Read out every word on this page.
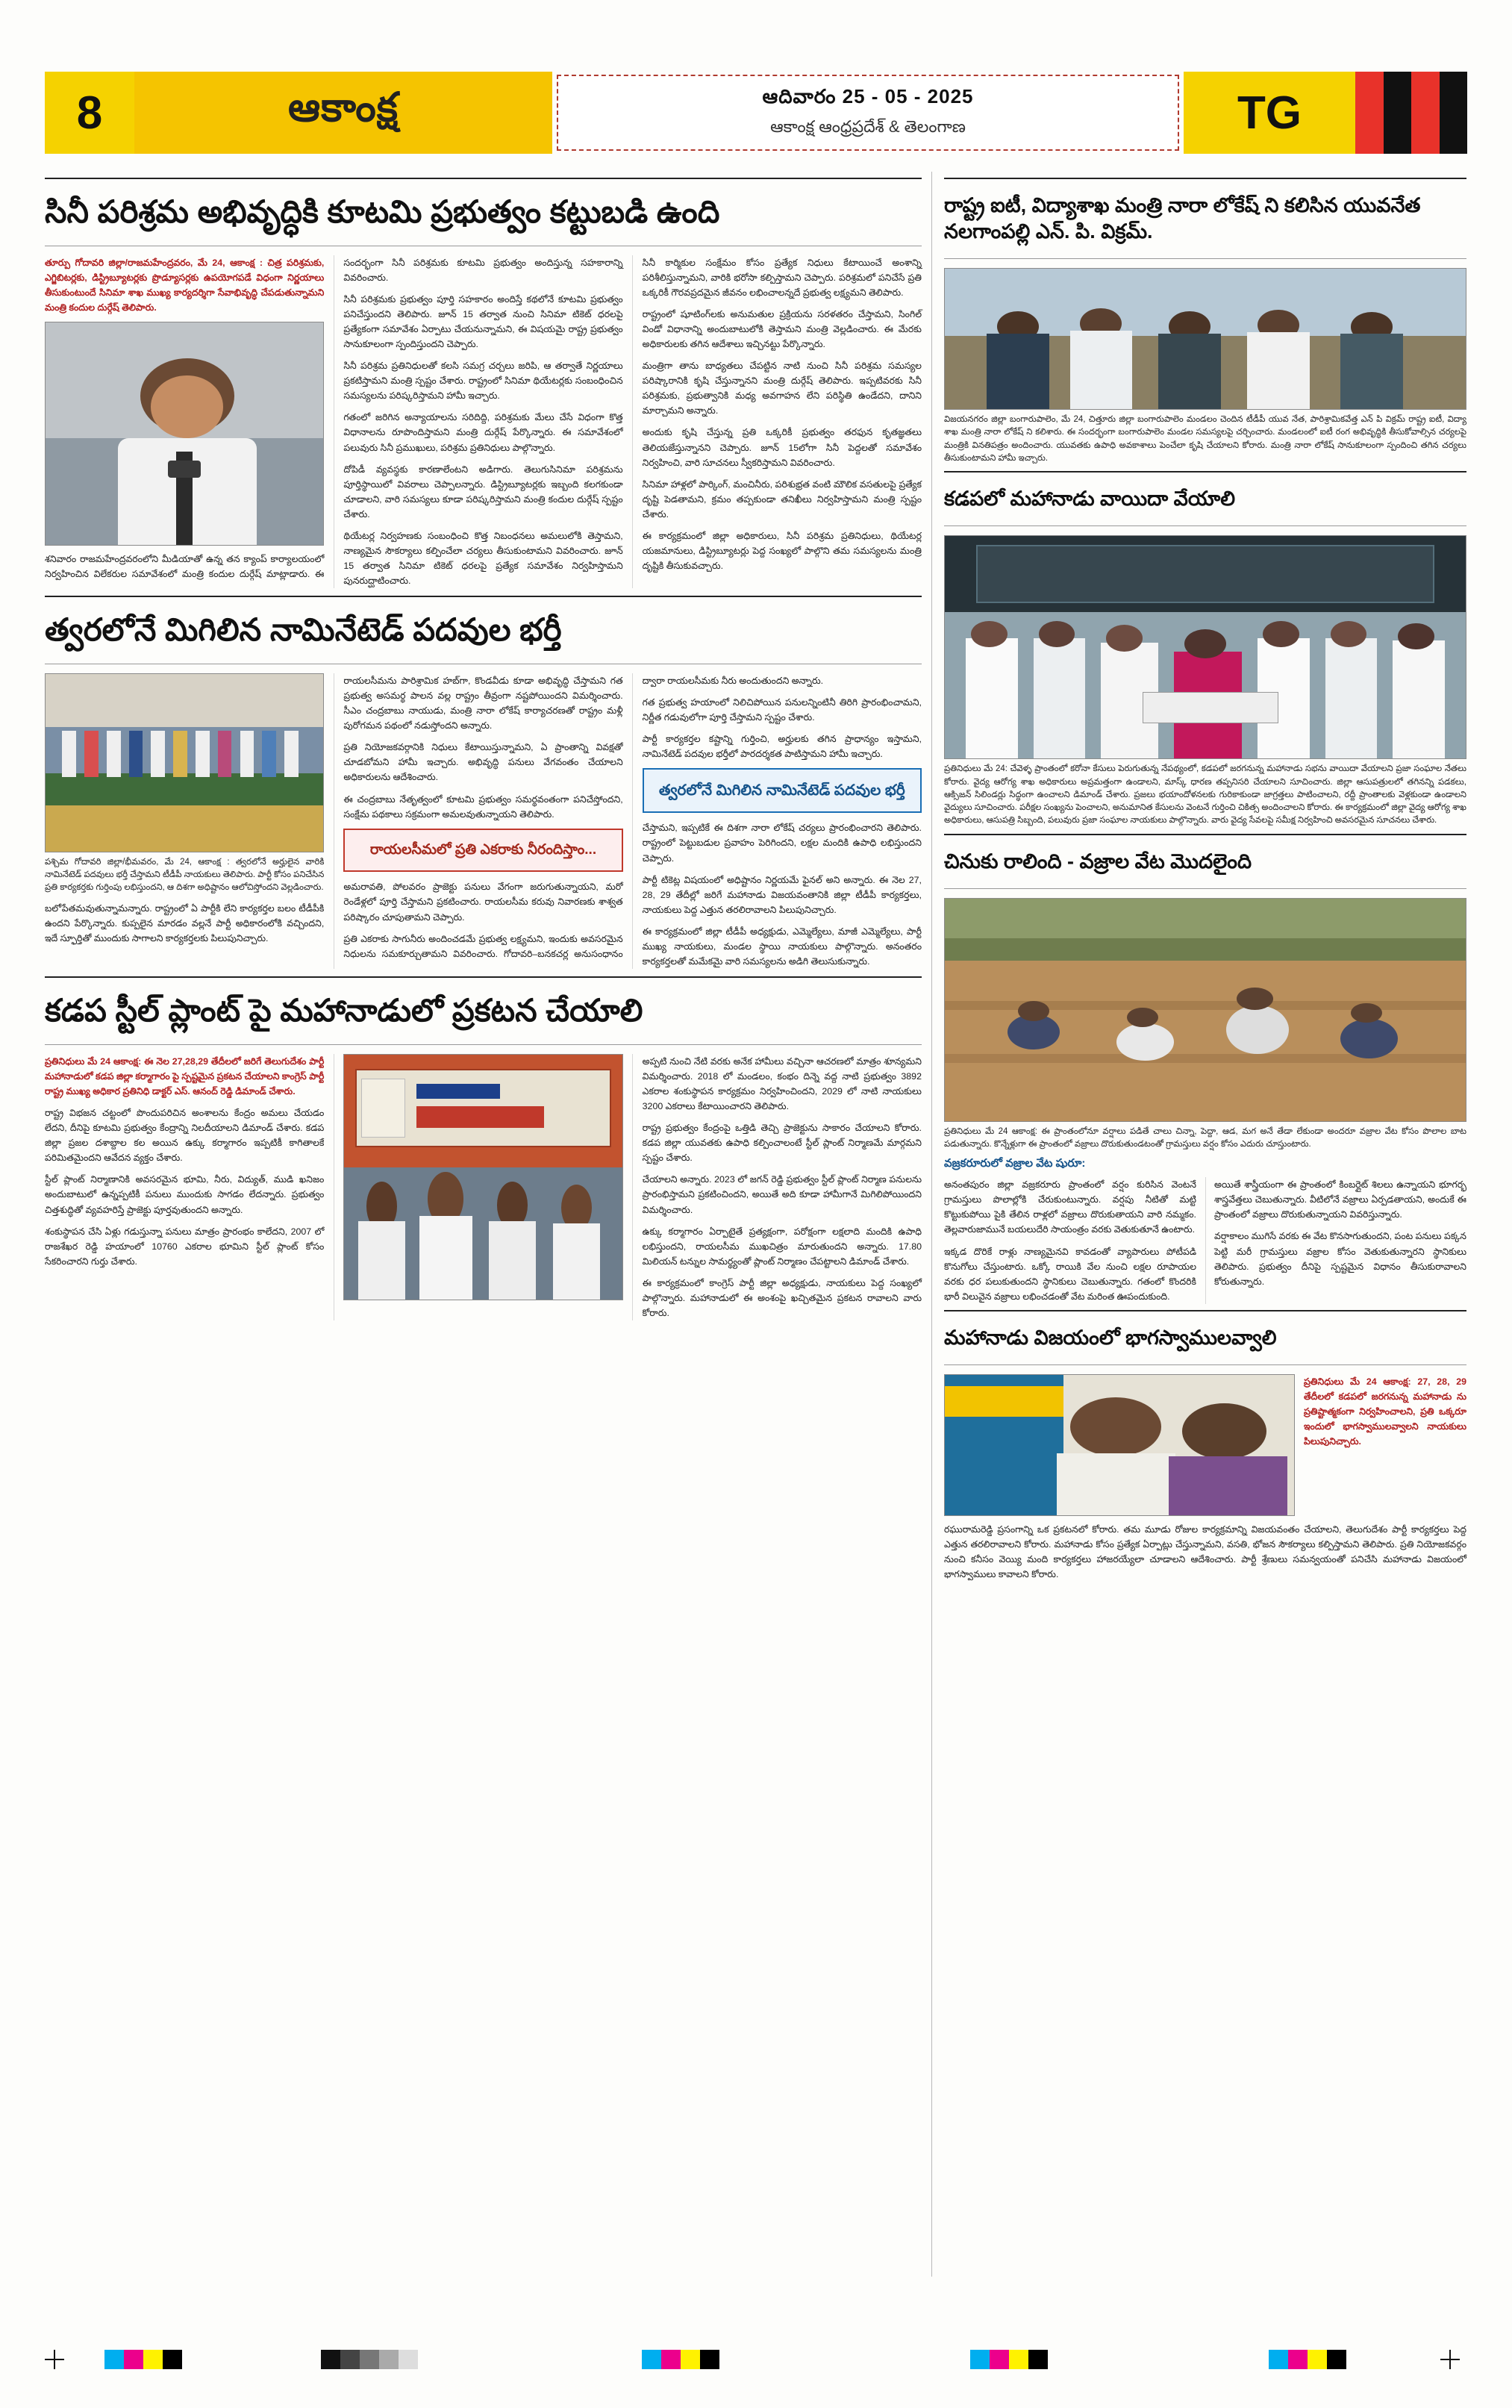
8	ఆకాంక్ష	ఆదివారం 25 - 05 - 2025
ఆకాంక్ష ఆంధ్రప్రదేశ్ & తెలంగాణ	TG
సినీ పరిశ్రమ అభివృద్ధికి కూటమి ప్రభుత్వం కట్టుబడి ఉంది

తూర్పు గోదావరి జిల్లా/రాజమహేంద్రవరం, మే 24, ఆకాంక్ష : చిత్ర పరిశ్రమకు, ఎగ్జిబిటర్లకు, డిస్ట్రిబ్యూటర్లకు ప్రొడ్యూసర్లకు ఉపయోగపడే విధంగా నిర్ణయాలు తీసుకుంటుందే సినిమా శాఖ ముఖ్య కార్యదర్శిగా సేవాభివృద్ధి చేపడుతున్నామని మంత్రి కందుల దుర్గేష్ తెలిపారు.

శనివారం రాజమహేంద్రవరంలోని మీడియాతో ఉన్న తన క్యాంప్ కార్యాలయంలో నిర్వహించిన విలేకరుల సమావేశంలో మంత్రి కందుల దుర్గేష్ మాట్లాడారు. ఈ సందర్భంగా సినీ పరిశ్రమకు కూటమి ప్రభుత్వం అందిస్తున్న సహకారాన్ని వివరించారు.

సినీ పరిశ్రమకు ప్రభుత్వం పూర్తి సహకారం అందిస్తే కథలోనే కూటమి ప్రభుత్వం పనిచేస్తుందని తెలిపారు. జూన్ 15 తర్వాత నుంచి సినిమా టికెట్ ధరలపై ప్రత్యేకంగా సమావేశం ఏర్పాటు చేయనున్నామని, ఈ విషయమై రాష్ట్ర ప్రభుత్వం సానుకూలంగా స్పందిస్తుందని చెప్పారు.

సినీ పరిశ్రమ ప్రతినిధులతో కలసి సమగ్ర చర్చలు జరిపి, ఆ తర్వాతే నిర్ణయాలు ప్రకటిస్తామని మంత్రి స్పష్టం చేశారు. రాష్ట్రంలో సినిమా థియేటర్లకు సంబంధించిన సమస్యలను పరిష్కరిస్తామని హామీ ఇచ్చారు.

గతంలో జరిగిన అన్యాయాలను సరిదిద్ది, పరిశ్రమకు మేలు చేసే విధంగా కొత్త విధానాలను రూపొందిస్తామని మంత్రి దుర్గేష్ పేర్కొన్నారు. ఈ సమావేశంలో పలువురు సినీ ప్రముఖులు, పరిశ్రమ ప్రతినిధులు పాల్గొన్నారు.

దోపిడీ వ్యవస్థకు కారణాలేంటని అడిగారు. తెలుగుసినిమా పరిశ్రమను పూర్తిస్థాయిలో వివరాలు చెప్పాలన్నారు. డిస్ట్రిబ్యూటర్లకు ఇబ్బంది కలగకుండా చూడాలని, వారి సమస్యలు కూడా పరిష్కరిస్తామని మంత్రి కందుల దుర్గేష్ స్పష్టం చేశారు.

థియేటర్ల నిర్వహణకు సంబంధించి కొత్త నిబంధనలు అమలులోకి తెస్తామని, నాణ్యమైన సౌకర్యాలు కల్పించేలా చర్యలు తీసుకుంటామని వివరించారు. జూన్ 15 తర్వాత సినిమా టికెట్ ధరలపై ప్రత్యేక సమావేశం నిర్వహిస్తామని పునరుద్ఘాటించారు.

సినీ కార్మికుల సంక్షేమం కోసం ప్రత్యేక నిధులు కేటాయించే అంశాన్ని పరిశీలిస్తున్నామని, వారికి భరోసా కల్పిస్తామని చెప్పారు. పరిశ్రమలో పనిచేసే ప్రతి ఒక్కరికీ గౌరవప్రదమైన జీవనం లభించాలన్నదే ప్రభుత్వ లక్ష్యమని తెలిపారు.

రాష్ట్రంలో షూటింగ్‌లకు అనుమతుల ప్రక్రియను సరళతరం చేస్తామని, సింగిల్ విండో విధానాన్ని అందుబాటులోకి తెస్తామని మంత్రి వెల్లడించారు. ఈ మేరకు అధికారులకు తగిన ఆదేశాలు ఇచ్చినట్టు పేర్కొన్నారు.

మంత్రిగా తాను బాధ్యతలు చేపట్టిన నాటి నుంచి సినీ పరిశ్రమ సమస్యల పరిష్కారానికి కృషి చేస్తున్నానని మంత్రి దుర్గేష్ తెలిపారు. ఇప్పటివరకు సినీ పరిశ్రమకు, ప్రభుత్వానికి మధ్య అవగాహన లేని పరిస్థితి ఉండేదని, దానిని మార్చామని అన్నారు.

అందుకు కృషి చేస్తున్న ప్రతి ఒక్కరికీ ప్రభుత్వం తరఫున కృతజ్ఞతలు తెలియజేస్తున్నానని చెప్పారు. జూన్ 15లోగా సినీ పెద్దలతో సమావేశం నిర్వహించి, వారి సూచనలు స్వీకరిస్తామని వివరించారు.

సినిమా హాళ్లలో పార్కింగ్, మంచినీరు, పరిశుభ్రత వంటి మౌలిక వసతులపై ప్రత్యేక దృష్టి పెడతామని, క్రమం తప్పకుండా తనిఖీలు నిర్వహిస్తామని మంత్రి స్పష్టం చేశారు.

ఈ కార్యక్రమంలో జిల్లా అధికారులు, సినీ పరిశ్రమ ప్రతినిధులు, థియేటర్ల యజమానులు, డిస్ట్రిబ్యూటర్లు పెద్ద సంఖ్యలో పాల్గొని తమ సమస్యలను మంత్రి దృష్టికి తీసుకువచ్చారు.

త్వరలోనే మిగిలిన నామినేటెడ్ పదవుల భర్తీ
పశ్చిమ గోదావరి జిల్లా/భీమవరం, మే 24, ఆకాంక్ష : త్వరలోనే అర్హులైన వారికి నామినేటెడ్ పదవులు భర్తీ చేస్తామని టీడీపీ నాయకులు తెలిపారు. పార్టీ కోసం పనిచేసిన ప్రతి కార్యకర్తకు గుర్తింపు లభిస్తుందని, ఆ దిశగా అధిష్టానం ఆలోచిస్తోందని వెల్లడించారు.

బలోపేతమవుతున్నామన్నారు. రాష్ట్రంలో ఏ పార్టీకి లేని కార్యకర్తల బలం టీడీపీకి ఉందని పేర్కొన్నారు. కుప్పలైన మారడం వల్లనే పార్టీ అధికారంలోకి వచ్చిందని, ఇదే స్ఫూర్తితో ముందుకు సాగాలని కార్యకర్తలకు పిలుపునిచ్చారు.

రాయలసీమను పారిశ్రామిక హబ్‌గా, కొండవీడు కూడా అభివృద్ధి చేస్తామని గత ప్రభుత్వ అసమర్థ పాలన వల్ల రాష్ట్రం తీవ్రంగా నష్టపోయిందని విమర్శించారు. సీఎం చంద్రబాబు నాయుడు, మంత్రి నారా లోకేష్ కార్యాచరణతో రాష్ట్రం మళ్లీ పురోగమన పథంలో నడుస్తోందని అన్నారు.

ప్రతి నియోజకవర్గానికి నిధులు కేటాయిస్తున్నామని, ఏ ప్రాంతాన్ని వివక్షతో చూడబోమని హామీ ఇచ్చారు. అభివృద్ధి పనులు వేగవంతం చేయాలని అధికారులను ఆదేశించారు.

ఈ చంద్రబాబు నేతృత్వంలో కూటమి ప్రభుత్వం సమర్థవంతంగా పనిచేస్తోందని, సంక్షేమ పథకాలు సక్రమంగా అమలవుతున్నాయని తెలిపారు.

రాయలసీమలో ప్రతి ఎకరాకు నీరందిస్తాం...

అమరావతి, పోలవరం ప్రాజెక్టు పనులు వేగంగా జరుగుతున్నాయని, మరో రెండేళ్లలో పూర్తి చేస్తామని ప్రకటించారు. రాయలసీమ కరువు నివారణకు శాశ్వత పరిష్కారం చూపుతామని చెప్పారు.

ప్రతి ఎకరాకు సాగునీరు అందించడమే ప్రభుత్వ లక్ష్యమని, ఇందుకు అవసరమైన నిధులను సమకూర్చుతామని వివరించారు. గోదావరి–బనకచర్ల అనుసంధానం ద్వారా రాయలసీమకు నీరు అందుతుందని అన్నారు.

గత ప్రభుత్వ హయాంలో నిలిచిపోయిన పనులన్నింటినీ తిరిగి ప్రారంభించామని, నిర్ణీత గడువులోగా పూర్తి చేస్తామని స్పష్టం చేశారు.

పార్టీ కార్యకర్తల కష్టాన్ని గుర్తించి, అర్హులకు తగిన ప్రాధాన్యం ఇస్తామని, నామినేటెడ్ పదవుల భర్తీలో పారదర్శకత పాటిస్తామని హామీ ఇచ్చారు.

త్వరలోనే మిగిలిన నామినేటెడ్ పదవుల భర్తీ

చేస్తామని, ఇప్పటికే ఈ దిశగా నారా లోకేష్ చర్యలు ప్రారంభించారని తెలిపారు. రాష్ట్రంలో పెట్టుబడుల ప్రవాహం పెరిగిందని, లక్షల మందికి ఉపాధి లభిస్తుందని చెప్పారు.

పార్టీ టికెట్ల విషయంలో అధిష్టానం నిర్ణయమే ఫైనల్ అని అన్నారు. ఈ నెల 27, 28, 29 తేదీల్లో జరిగే మహానాడు విజయవంతానికి జిల్లా టీడీపీ కార్యకర్తలు, నాయకులు పెద్ద ఎత్తున తరలిరావాలని పిలుపునిచ్చారు.

ఈ కార్యక్రమంలో జిల్లా టీడీపీ అధ్యక్షుడు, ఎమ్మెల్యేలు, మాజీ ఎమ్మెల్యేలు, పార్టీ ముఖ్య నాయకులు, మండల స్థాయి నాయకులు పాల్గొన్నారు. అనంతరం కార్యకర్తలతో మమేకమై వారి సమస్యలను అడిగి తెలుసుకున్నారు.

కడప స్టీల్ ప్లాంట్ పై మహానాడులో ప్రకటన చేయాలి

ప్రతినిధులు మే 24 ఆకాంక్ష: ఈ నెల 27,28,29 తేదీలలో జరిగే తెలుగుదేశం పార్టీ మహానాడులో కడప జిల్లా కర్మాగారం పై స్పష్టమైన ప్రకటన చేయాలని కాంగ్రెస్ పార్టీ రాష్ట్ర ముఖ్య అధికార ప్రతినిధి డాక్టర్ ఎస్. ఆనంద్ రెడ్డి డిమాండ్ చేశారు.

రాష్ట్ర విభజన చట్టంలో పొందుపరిచిన అంశాలను కేంద్రం అమలు చేయడం లేదని, దీనిపై కూటమి ప్రభుత్వం కేంద్రాన్ని నిలదీయాలని డిమాండ్ చేశారు. కడప జిల్లా ప్రజల దశాబ్దాల కల అయిన ఉక్కు కర్మాగారం ఇప్పటికీ కాగితాలకే పరిమితమైందని ఆవేదన వ్యక్తం చేశారు.

స్టీల్ ప్లాంట్ నిర్మాణానికి అవసరమైన భూమి, నీరు, విద్యుత్, ముడి ఖనిజం అందుబాటులో ఉన్నప్పటికీ పనులు ముందుకు సాగడం లేదన్నారు. ప్రభుత్వం చిత్తశుద్ధితో వ్యవహరిస్తే ప్రాజెక్టు పూర్తవుతుందని అన్నారు.

శంకుస్థాపన చేసి ఏళ్లు గడుస్తున్నా పనులు మాత్రం ప్రారంభం కాలేదని, 2007 లో రాజశేఖర రెడ్డి హయాంలో 10760 ఎకరాల భూమిని స్టీల్ ప్లాంట్ కోసం సేకరించారని గుర్తు చేశారు.

అప్పటి నుంచి నేటి వరకు అనేక హామీలు వచ్చినా ఆచరణలో మాత్రం శూన్యమని విమర్శించారు. 2018 లో మండలం, కంభం దిన్నె వద్ద నాటి ప్రభుత్వం 3892 ఎకరాల శంకుస్థాపన కార్యక్రమం నిర్వహించిందని, 2029 లో నాటి నాయకులు 3200 ఎకరాలు కేటాయించారని తెలిపారు.

రాష్ట్ర ప్రభుత్వం కేంద్రంపై ఒత్తిడి తెచ్చి ప్రాజెక్టును సాకారం చేయాలని కోరారు. కడప జిల్లా యువతకు ఉపాధి కల్పించాలంటే స్టీల్ ప్లాంట్ నిర్మాణమే మార్గమని స్పష్టం చేశారు.

చేయాలని అన్నారు. 2023 లో జగన్ రెడ్డి ప్రభుత్వం స్టీల్ ప్లాంట్ నిర్మాణ పనులను ప్రారంభిస్తామని ప్రకటించిందని, అయితే అది కూడా హామీగానే మిగిలిపోయిందని విమర్శించారు.

ఉక్కు కర్మాగారం ఏర్పాటైతే ప్రత్యక్షంగా, పరోక్షంగా లక్షలాది మందికి ఉపాధి లభిస్తుందని, రాయలసీమ ముఖచిత్రం మారుతుందని అన్నారు. 17.80 మిలియన్ టన్నుల సామర్థ్యంతో ప్లాంట్ నిర్మాణం చేపట్టాలని డిమాండ్ చేశారు.

ఈ కార్యక్రమంలో కాంగ్రెస్ పార్టీ జిల్లా అధ్యక్షుడు, నాయకులు పెద్ద సంఖ్యలో పాల్గొన్నారు. మహానాడులో ఈ అంశంపై ఖచ్చితమైన ప్రకటన రావాలని వారు కోరారు.

రాష్ట్ర ఐటీ, విద్యాశాఖ మంత్రి నారా లోకేష్ ని కలిసిన యువనేత నలగాంపల్లి ఎన్. పి. విక్రమ్.
విజయనగరం జిల్లా బంగారుపాలెం, మే 24, చిత్తూరు జిల్లా బంగారుపాలెం మండలం చెందిన టీడీపీ యువ నేత, పారిశ్రామికవేత్త ఎన్ పి విక్రమ్ రాష్ట్ర ఐటీ, విద్యా శాఖ మంత్రి నారా లోకేష్ ని కలిశారు. ఈ సందర్భంగా బంగారుపాలెం మండల సమస్యలపై చర్చించారు. మండలంలో ఐటీ రంగ అభివృద్ధికి తీసుకోవాల్సిన చర్యలపై మంత్రికి వినతిపత్రం అందించారు. యువతకు ఉపాధి అవకాశాలు పెంచేలా కృషి చేయాలని కోరారు. మంత్రి నారా లోకేష్ సానుకూలంగా స్పందించి తగిన చర్యలు తీసుకుంటామని హామీ ఇచ్చారు.
కడపలో మహానాడు వాయిదా వేయాలి
ప్రతినిధులు మే 24: చేవెళ్ళ ప్రాంతంలో కరోనా కేసులు పెరుగుతున్న నేపథ్యంలో, కడపలో జరగనున్న మహానాడు సభను వాయిదా వేయాలని ప్రజా సంఘాల నేతలు కోరారు. వైద్య ఆరోగ్య శాఖ అధికారులు అప్రమత్తంగా ఉండాలని, మాస్క్ ధారణ తప్పనిసరి చేయాలని సూచించారు. జిల్లా ఆసుపత్రులలో తగినన్ని పడకలు, ఆక్సిజన్ సిలిండర్లు సిద్ధంగా ఉంచాలని డిమాండ్ చేశారు. ప్రజలు భయాందోళనలకు గురికాకుండా జాగ్రత్తలు పాటించాలని, రద్దీ ప్రాంతాలకు వెళ్లకుండా ఉండాలని వైద్యులు సూచించారు. పరీక్షల సంఖ్యను పెంచాలని, అనుమానిత కేసులను వెంటనే గుర్తించి చికిత్స అందించాలని కోరారు. ఈ కార్యక్రమంలో జిల్లా వైద్య ఆరోగ్య శాఖ అధికారులు, ఆసుపత్రి సిబ్బంది, పలువురు ప్రజా సంఘాల నాయకులు పాల్గొన్నారు. వారు వైద్య సేవలపై సమీక్ష నిర్వహించి అవసరమైన సూచనలు చేశారు.
చినుకు రాలింది - వజ్రాల వేట మొదలైంది
ప్రతినిధులు మే 24 ఆకాంక్ష: ఈ ప్రాంతంలోనూ వర్షాలు పడితే చాలు చిన్నా, పెద్దా, ఆడ, మగ అనే తేడా లేకుండా అందరూ వజ్రాల వేట కోసం పొలాల బాట పడుతున్నారు. కొన్నేళ్లుగా ఈ ప్రాంతంలో వజ్రాలు దొరుకుతుండటంతో గ్రామస్తులు వర్షం కోసం ఎదురు చూస్తుంటారు.
వజ్రకరూరులో వజ్రాల వేట షురూ:

అనంతపురం జిల్లా వజ్రకరూరు ప్రాంతంలో వర్షం కురిసిన వెంటనే గ్రామస్తులు పొలాల్లోకి చేరుకుంటున్నారు. వర్షపు నీటితో మట్టి కొట్టుకుపోయి పైకి తేలిన రాళ్లలో వజ్రాలు దొరుకుతాయని వారి నమ్మకం. తెల్లవారుజామునే బయలుదేరి సాయంత్రం వరకు వెతుకుతూనే ఉంటారు.

ఇక్కడ దొరికే రాళ్లు నాణ్యమైనవి కావడంతో వ్యాపారులు పోటీపడి కొనుగోలు చేస్తుంటారు. ఒక్కో రాయికి వేల నుంచి లక్షల రూపాయల వరకు ధర పలుకుతుందని స్థానికులు చెబుతున్నారు. గతంలో కొందరికి భారీ విలువైన వజ్రాలు లభించడంతో వేట మరింత ఊపందుకుంది.

అయితే శాస్త్రీయంగా ఈ ప్రాంతంలో కింబర్లైట్ శిలలు ఉన్నాయని భూగర్భ శాస్త్రవేత్తలు చెబుతున్నారు. వీటిలోనే వజ్రాలు ఏర్పడతాయని, అందుకే ఈ ప్రాంతంలో వజ్రాలు దొరుకుతున్నాయని వివరిస్తున్నారు.

వర్షాకాలం ముగిసే వరకు ఈ వేట కొనసాగుతుందని, పంట పనులు పక్కన పెట్టి మరీ గ్రామస్తులు వజ్రాల కోసం వెతుకుతున్నారని స్థానికులు తెలిపారు. ప్రభుత్వం దీనిపై స్పష్టమైన విధానం తీసుకురావాలని కోరుతున్నారు.

మహానాడు విజయంలో భాగస్వాములవ్వాలి

ప్రతినిధులు మే 24 ఆకాంక్ష: 27, 28, 29 తేదీలలో కడపలో జరగనున్న మహానాడు ను ప్రతిష్టాత్మకంగా నిర్వహించాలని, ప్రతి ఒక్కరూ ఇందులో భాగస్వాములవ్వాలని నాయకులు పిలుపునిచ్చారు.

రఘురామరెడ్డి ప్రసంగాన్ని ఒక ప్రకటనలో కోరారు. తమ మూడు రోజుల కార్యక్రమాన్ని విజయవంతం చేయాలని, తెలుగుదేశం పార్టీ కార్యకర్తలు పెద్ద ఎత్తున తరలిరావాలని కోరారు. మహానాడు కోసం ప్రత్యేక ఏర్పాట్లు చేస్తున్నామని, వసతి, భోజన సౌకర్యాలు కల్పిస్తామని తెలిపారు. ప్రతి నియోజకవర్గం నుంచి కనీసం వెయ్యి మంది కార్యకర్తలు హాజరయ్యేలా చూడాలని ఆదేశించారు. పార్టీ శ్రేణులు సమన్వయంతో పనిచేసి మహానాడు విజయంలో భాగస్వాములు కావాలని కోరారు.
